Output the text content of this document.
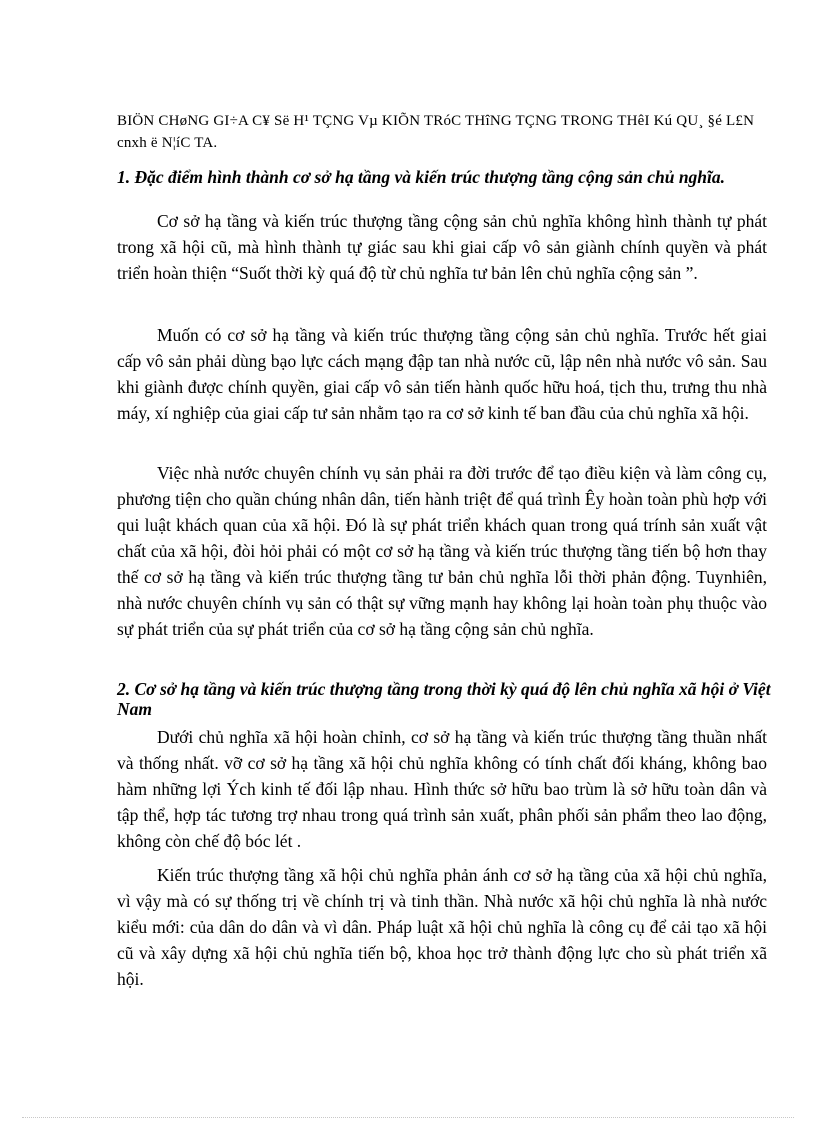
BIÖN CHøNG GI÷A C¥ Së H¹ TÇNG Vµ KIÕN TRóC THîNG TÇNG TRONG THêI Kú QU¸ §é L£N cnxh ë N¦íC TA.
1. Đặc điểm hình thành cơ sở hạ tầng và kiến trúc thượng tầng cộng sản chủ nghĩa.

Cơ sở hạ tầng và kiến trúc thượng tầng cộng sản chủ nghĩa không hình thành tự phát trong xã hội cũ, mà hình thành tự giác sau khi giai cấp vô sản giành chính quyền và phát triển hoàn thiện “Suốt thời kỳ quá độ từ chủ nghĩa tư bản lên chủ nghĩa cộng sản ”.

Muốn có cơ sở hạ tầng và kiến trúc thượng tầng cộng sản chủ nghĩa. Trước hết giai cấp vô sản phải dùng bạo lực cách mạng đập tan nhà nước cũ, lập nên nhà nước vô sản. Sau khi giành được chính quyền, giai cấp vô sản tiến hành quốc hữu hoá, tịch thu, trưng thu nhà máy, xí nghiệp của giai cấp tư sản nhằm tạo ra cơ sở kinh tế ban đầu của chủ nghĩa xã hội.

Việc nhà nước chuyên chính vụ sản phải ra đời trước để tạo điều kiện và làm công cụ, phương tiện cho quần chúng nhân dân, tiến hành triệt để quá trình Êy hoàn toàn phù hợp với qui luật khách quan của xã hội. Đó là sự phát triển khách quan trong quá trính sản xuất vật chất của xã hội, đòi hỏi phải có một cơ sở hạ tầng và kiến trúc thượng tầng tiến bộ hơn thay thế cơ sở hạ tầng và kiến trúc thượng tầng tư bản chủ nghĩa lỗi thời phản động. Tuynhiên, nhà nước chuyên chính vụ sản có thật sự vững mạnh hay không lại hoàn toàn phụ thuộc vào sự phát triển của sự phát triển của cơ sở hạ tầng cộng sản chủ nghĩa.

2. Cơ sở hạ tầng và kiến trúc thượng tầng trong thời kỳ quá độ lên chủ nghĩa xã hội ở Việt Nam

Dưới chủ nghĩa xã hội hoàn chỉnh, cơ sở hạ tầng và kiến trúc thượng tầng thuần nhất và thống nhất. vỡ cơ sở hạ tầng xã hội chủ nghĩa không có tính chất đối kháng, không bao hàm những lợi Ých kinh tế đối lập nhau. Hình thức sở hữu bao trùm là sở hữu toàn dân và tập thể, hợp tác tương trợ nhau trong quá trình sản xuất, phân phối sản phẩm theo lao động, không còn chế độ bóc lét .

Kiến trúc thượng tầng xã hội chủ nghĩa phản ánh cơ sở hạ tầng của xã hội chủ nghĩa, vì vậy mà có sự thống trị về chính trị và tinh thần. Nhà nước xã hội chủ nghĩa là nhà nước kiểu mới: của dân do dân và vì dân. Pháp luật xã hội chủ nghĩa là công cụ để cải tạo xã hội cũ và xây dựng xã hội chủ nghĩa tiến bộ, khoa học trở thành động lực cho sù phát triển xã hội.
